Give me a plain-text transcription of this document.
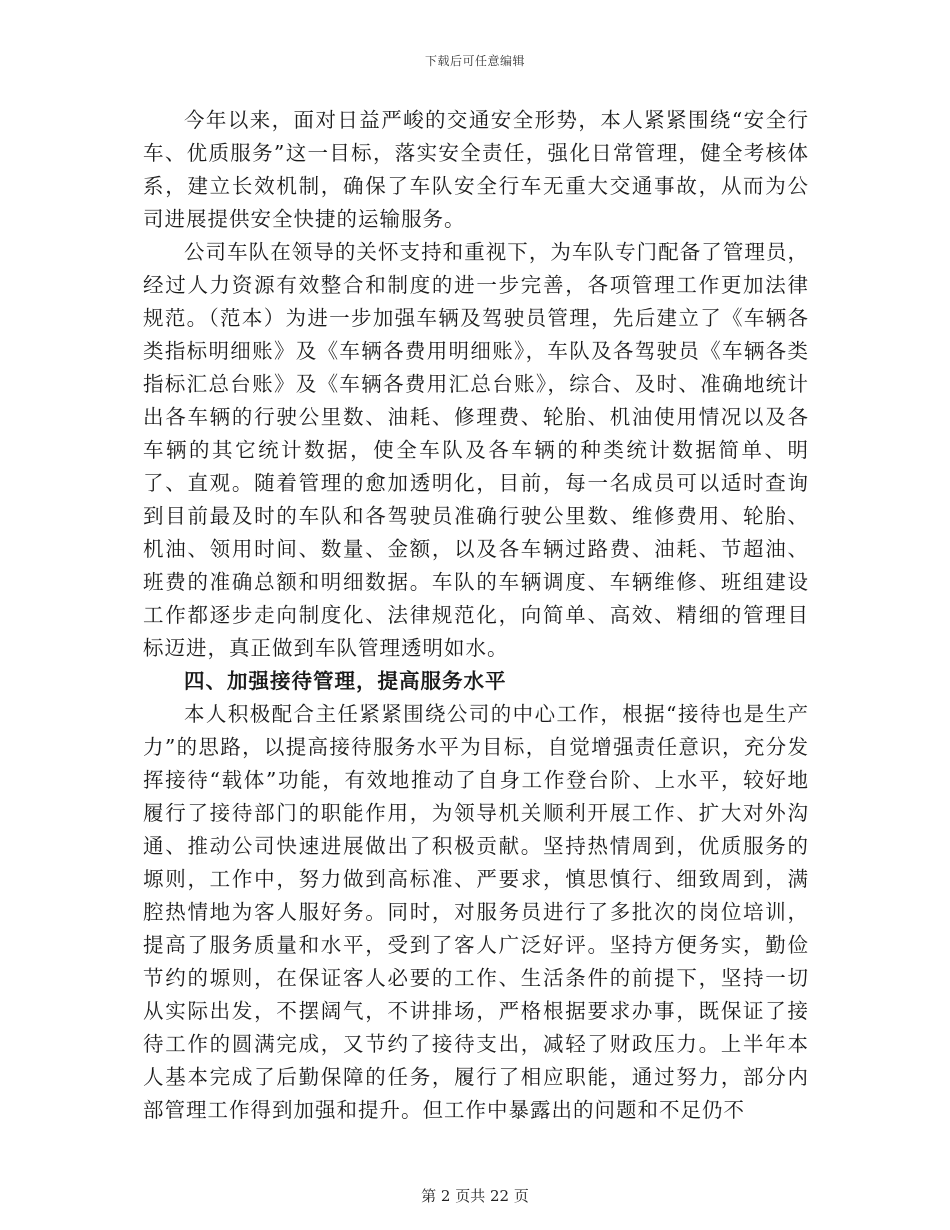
下载后可任意编辑

今年以来，面对日益严峻的交通安全形势，本人紧紧围绕“安全行车、优质服务”这一目标，落实安全责任，强化日常管理，健全考核体系，建立长效机制，确保了车队安全行车无重大交通事故，从而为公司进展提供安全快捷的运输服务。

公司车队在领导的关怀支持和重视下，为车队专门配备了管理员，经过人力资源有效整合和制度的进一步完善，各项管理工作更加法律规范。（范本）为进一步加强车辆及驾驶员管理，先后建立了《车辆各类指标明细账》及《车辆各费用明细账》，车队及各驾驶员《车辆各类指标汇总台账》及《车辆各费用汇总台账》，综合、及时、准确地统计出各车辆的行驶公里数、油耗、修理费、轮胎、机油使用情况以及各车辆的其它统计数据，使全车队及各车辆的种类统计数据简单、明了、直观。随着管理的愈加透明化，目前，每一名成员可以适时查询到目前最及时的车队和各驾驶员准确行驶公里数、维修费用、轮胎、机油、领用时间、数量、金额，以及各车辆过路费、油耗、节超油、班费的准确总额和明细数据。车队的车辆调度、车辆维修、班组建设工作都逐步走向制度化、法律规范化，向简单、高效、精细的管理目标迈进，真正做到车队管理透明如水。

四、加强接待管理，提高服务水平

本人积极配合主任紧紧围绕公司的中心工作，根据“接待也是生产力”的思路，以提高接待服务水平为目标，自觉增强责任意识，充分发挥接待“载体”功能，有效地推动了自身工作登台阶、上水平，较好地履行了接待部门的职能作用，为领导机关顺利开展工作、扩大对外沟通、推动公司快速进展做出了积极贡献。坚持热情周到，优质服务的塬则，工作中，努力做到高标准、严要求，慎思慎行、细致周到，满腔热情地为客人服好务。同时，对服务员进行了多批次的岗位培训，提高了服务质量和水平，受到了客人广泛好评。坚持方便务实，勤俭节约的塬则，在保证客人必要的工作、生活条件的前提下，坚持一切从实际出发，不摆阔气，不讲排场，严格根据要求办事，既保证了接待工作的圆满完成，又节约了接待支出，减轻了财政压力。上半年本人基本完成了后勤保障的任务，履行了相应职能，通过努力，部分内部管理工作得到加强和提升。但工作中暴露出的问题和不足仍不

第 2 页共 22 页
